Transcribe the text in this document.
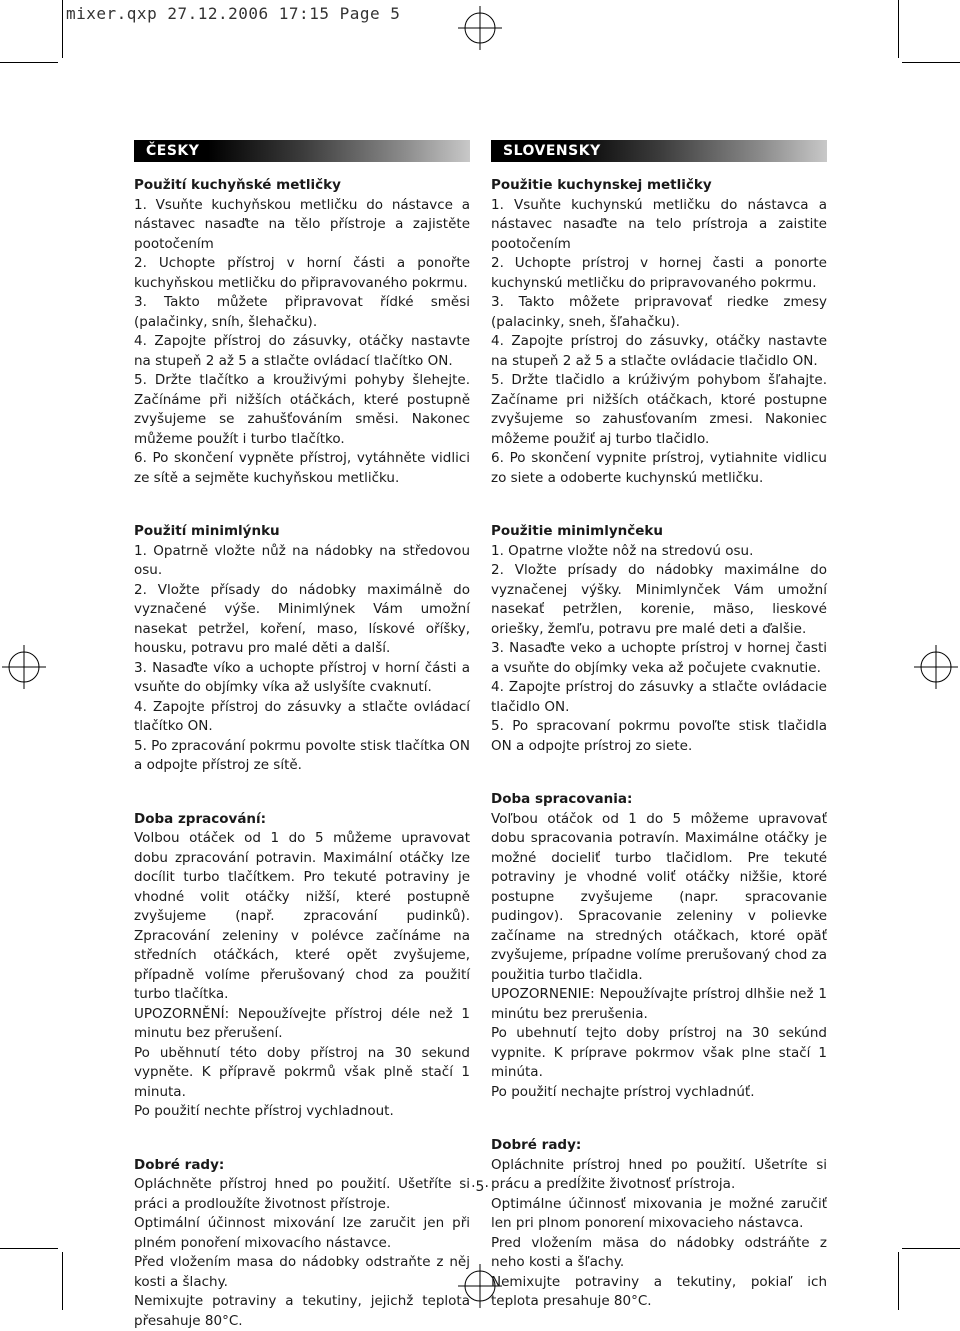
mixer.qxp 27.12.2006 17:15 Page 5
ČESKY
Použití kuchyňské metličky
1. Vsuňte kuchyňskou metličku do nástavce a nástavec nasaďte na tělo přístroje a zajistěte pootočením
2. Uchopte přístroj v horní části a ponořte kuchyňskou metličku do připravovaného pokrmu.
3. Takto můžete připravovat řídké směsi (palačinky, sníh, šlehačku).
4. Zapojte přístroj do zásuvky, otáčky nastavte na stupeň 2 až 5 a stlačte ovládací tlačítko ON.
5. Držte tlačítko a krouživými pohyby šlehejte. Začínáme při nižších otáčkách, které postupně zvyšujeme se zahušťováním směsi. Nakonec můžeme použít i turbo tlačítko.
6. Po skončení vypněte přístroj, vytáhněte vidlici ze sítě a sejměte kuchyňskou metličku.
Použití minimlýnku
1. Opatrně vložte nůž na nádobky na středovou osu.
2. Vložte přísady do nádobky maximálně do vyznačené výše. Minimlýnek Vám umožní nasekat petržel, koření, maso, lískové oříšky, housku, potravu pro malé děti a další.
3. Nasaďte víko a uchopte přístroj v horní části a vsuňte do objímky víka až uslyšíte cvaknutí.
4. Zapojte přístroj do zásuvky a stlačte ovládací tlačítko ON.
5. Po zpracování pokrmu povolte stisk tlačítka ON a odpojte přístroj ze sítě.
Doba zpracování:
Volbou otáček od 1 do 5 můžeme upravovat dobu zpracování potravin. Maximální otáčky lze docílit turbo tlačítkem. Pro tekuté potraviny je vhodné volit otáčky nižší, které postupně zvyšujeme (např. zpracování pudinků). Zpracování zeleniny v polévce začínáme na středních otáčkách, které opět zvyšujeme, případně volíme přerušovaný chod za použití turbo tlačítka.
UPOZORNĚNÍ: Nepoužívejte přístroj déle než 1 minutu bez přerušení.
Po uběhnutí této doby přístroj na 30 sekund vypněte. K přípravě pokrmů však plně stačí 1 minuta.
Po použití nechte přístroj vychladnout.
Dobré rady:
Opláchněte přístroj hned po použití. Ušetříte si práci a prodloužíte životnost přístroje.
Optimální účinnost mixování lze zaručit jen při plném ponoření mixovacího nástavce.
Před vložením masa do nádobky odstraňte z něj kosti a šlachy.
Nemixujte potraviny a tekutiny, jejichž teplota přesahuje 80°C.
SLOVENSKY
Použitie kuchynskej metličky
1. Vsuňte kuchynskú metličku do nástavca a nástavec nasaďte na telo prístroja a zaistite pootočením
2. Uchopte prístroj v hornej časti a ponorte kuchynskú metličku do pripravovaného pokrmu.
3. Takto môžete pripravovať riedke zmesy (palacinky, sneh, šľahačku).
4. Zapojte prístroj do zásuvky, otáčky nastavte na stupeň 2 až 5 a stlačte ovládacie tlačidlo ON.
5. Držte tlačidlo a krúživým pohybom šľahajte. Začíname pri nižších otáčkach, ktoré postupne zvyšujeme so zahusťovaním zmesi. Nakoniec môžeme použiť aj turbo tlačidlo.
6. Po skončení vypnite prístroj, vytiahnite vidlicu zo siete a odoberte kuchynskú metličku.
Použitie minimlynčeku
1. Opatrne vložte nôž na stredovú osu.
2. Vložte prísady do nádobky maximálne do vyznačenej výšky. Minimlynček Vám umožní nasekať petržlen, korenie, mäso, lieskové oriešky, žemľu, potravu pre malé deti a ďalšie.
3. Nasaďte veko a uchopte prístroj v hornej časti a vsuňte do objímky veka až počujete cvaknutie.
4. Zapojte prístroj do zásuvky a stlačte ovládacie tlačidlo ON.
5. Po spracovaní pokrmu povoľte stisk tlačidla ON a odpojte prístroj zo siete.
Doba spracovania:
Voľbou otáčok od 1 do 5 môžeme upravovať dobu spracovania potravín. Maximálne otáčky je možné docieliť turbo tlačidlom. Pre tekuté potraviny je vhodné voliť otáčky nižšie, ktoré postupne zvyšujeme (napr. spracovanie pudingov). Spracovanie zeleniny v polievke začíname na stredných otáčkach, ktoré opäť zvyšujeme, prípadne volíme prerušovaný chod za použitia turbo tlačidla.
UPOZORNENIE: Nepoužívajte prístroj dlhšie než 1 minútu bez prerušenia.
Po ubehnutí tejto doby prístroj na 30 sekúnd vypnite. K príprave pokrmov však plne stačí 1 minúta.
Po použití nechajte prístroj vychladnúť.
Dobré rady:
Opláchnite prístroj hned po použití. Ušetríte si prácu a predĺžite životnosť prístroja.
Optimálne účinnosť mixovania je možné zaručiť len pri plnom ponorení mixovacieho nástavca.
Pred vložením mäsa do nádobky odstráňte z neho kosti a šľachy.
Nemixujte potraviny a tekutiny, pokiaľ ich teplota presahuje 80°C.
·5·
